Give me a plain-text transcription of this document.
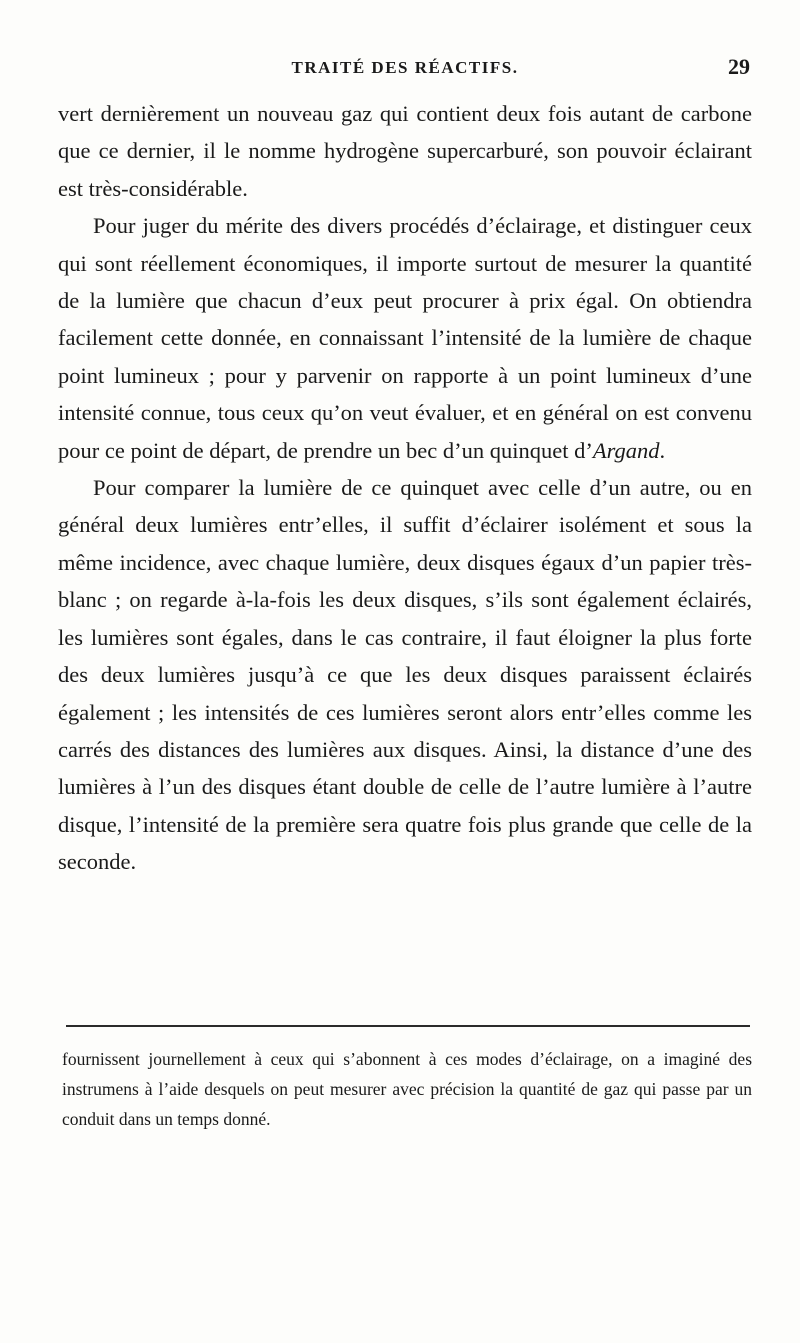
TRAITÉ DES RÉACTIFS.	29

vert dernièrement un nouveau gaz qui contient deux fois autant de carbone que ce dernier, il le nomme hydrogène supercarburé, son pouvoir éclairant est très-considérable.

Pour juger du mérite des divers procédés d’éclairage, et distinguer ceux qui sont réellement économiques, il importe surtout de mesurer la quantité de la lumière que chacun d’eux peut procurer à prix égal. On obtiendra facilement cette donnée, en connaissant l’intensité de la lumière de chaque point lumineux ; pour y parvenir on rapporte à un point lumineux d’une intensité connue, tous ceux qu’on veut évaluer, et en général on est convenu pour ce point de départ, de prendre un bec d’un quinquet d’Argand.

Pour comparer la lumière de ce quinquet avec celle d’un autre, ou en général deux lumières entr’elles, il suffit d’éclairer isolément et sous la même incidence, avec chaque lumière, deux disques égaux d’un papier très-blanc ; on regarde à-la-fois les deux disques, s’ils sont également éclairés, les lumières sont égales, dans le cas contraire, il faut éloigner la plus forte des deux lumières jusqu’à ce que les deux disques paraissent éclairés également ; les intensités de ces lumières seront alors entr’elles comme les carrés des distances des lumières aux disques. Ainsi, la distance d’une des lumières à l’un des disques étant double de celle de l’autre lumière à l’autre disque, l’intensité de la première sera quatre fois plus grande que celle de la seconde.

fournissent journellement à ceux qui s’abonnent à ces modes d’éclairage, on a imaginé des instrumens à l’aide desquels on peut mesurer avec précision la quantité de gaz qui passe par un conduit dans un temps donné.
